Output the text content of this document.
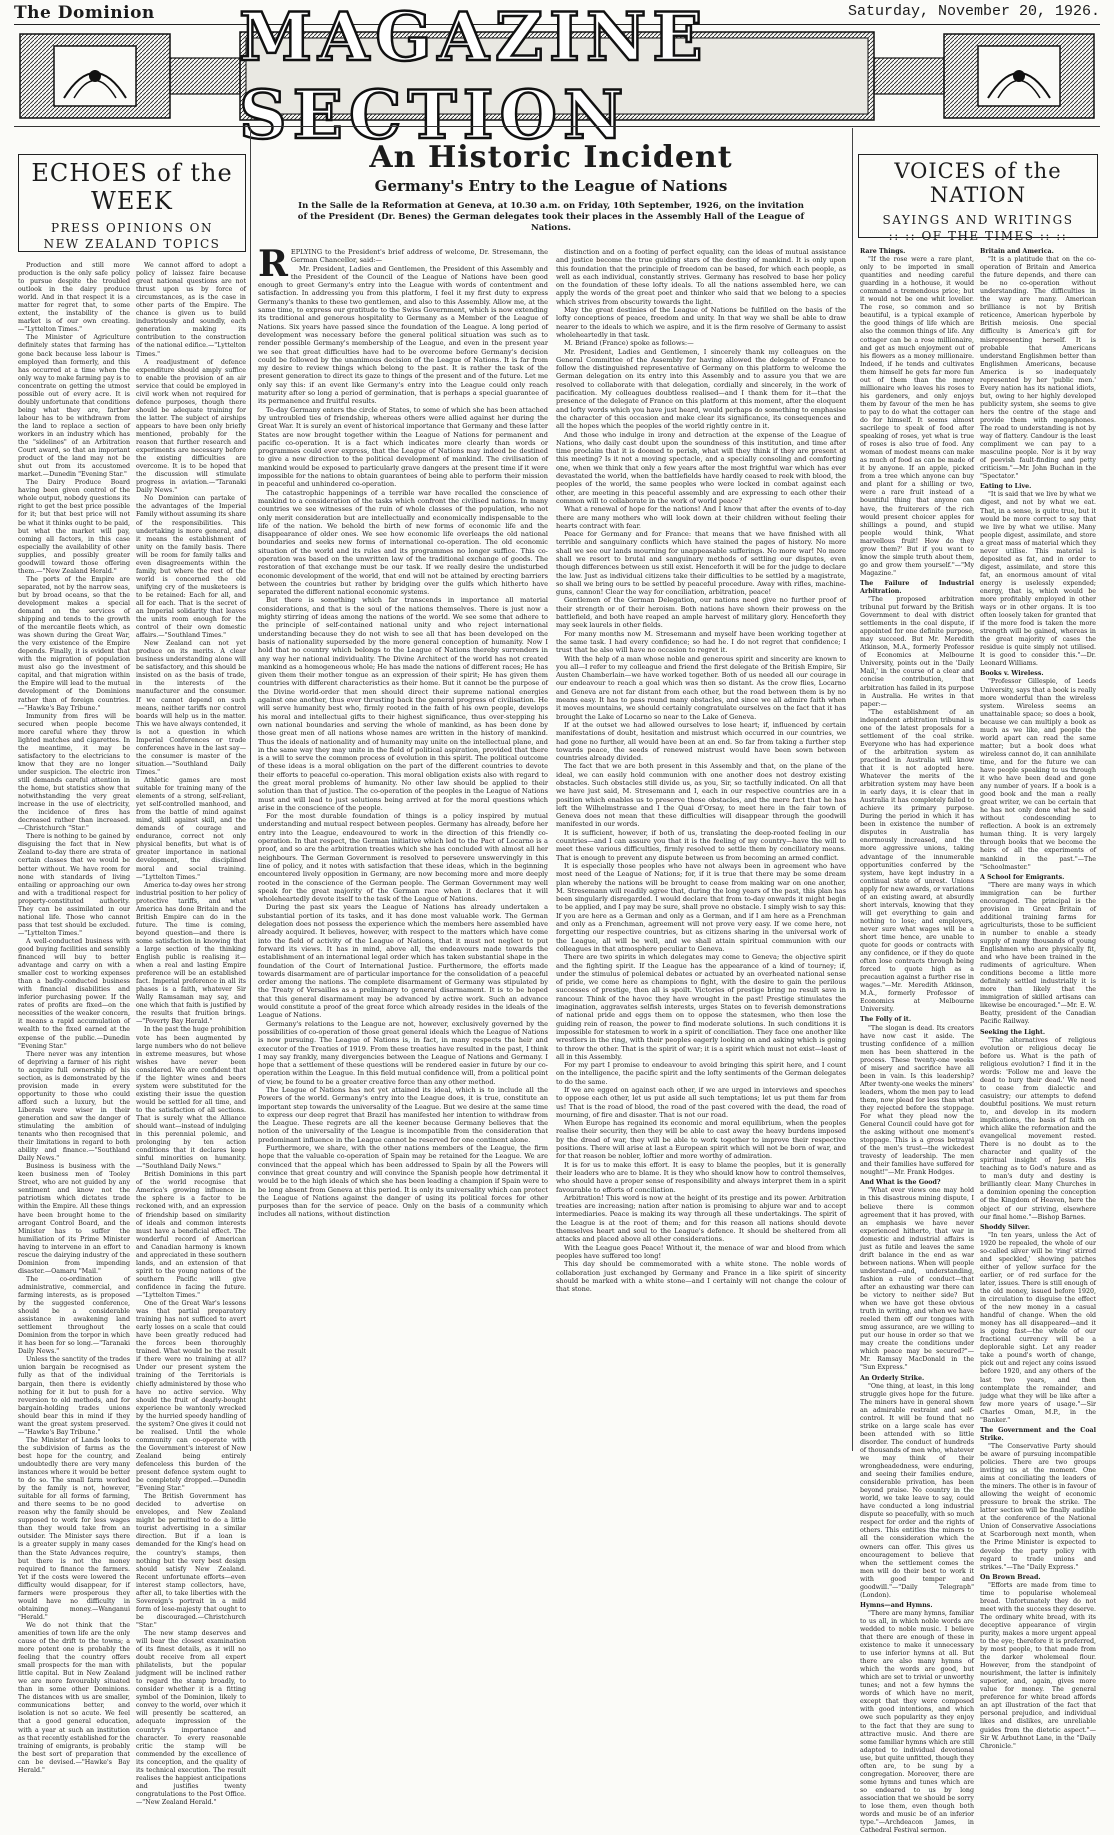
The Dominion	Saturday, November 20, 1926.
MAGAZINE SECTION
ECHOES of the WEEK
PRESS OPINIONS ON
NEW ZEALAND TOPICS
VOICES of the NATION
SAYINGS AND WRITINGS
:: :: OF THE TIMES :: ::
An Historic Incident
Germany's Entry to the League of Nations
In the Salle de la Reformation at Geneva, at 10.30 a.m. on Friday, 10th September, 1926, on the invitation of the President (Dr. Benes) the German delegates took their places in the Assembly Hall of the League of Nations.

Production and still more production is the only safe policy to pursue despite the troubled outlook in the dairy produce world. And in that respect it is a matter for regret that, to some extent, the instability of the market is of our own creating.—"Lyttelton Times."

The Minister of Agriculture definitely states that farming has gone back because less labour is employed than formerly, and this has occurred at a time when the only way to make farming pay is to concentrate on getting the utmost possible out of every acre. It is doubly unfortunate that conditions being what they are, farther labour has to be withdrawn from the land to replace a section of workers in an industry which has the "sidelines" of an Arbitration Court award, so that an important product of the land may not be shut out from its accustomed market.—Dunedin "Evening Star."

The Dairy Produce Board having been given control of the whole output, nobody questions its right to get the best price possible for it; but that best price will not be what it thinks ought to be paid, but what the market will pay, coming all factors, in this case especially the availability of other supplies, and possibly greater goodwill toward those offering them.—"New Zealand Herald."

The ports of the Empire are separated, not by the narrow seas, but by broad oceans, so that the development makes a special demand on the services of shipping and tends to the growth of the mercantile fleets which, as was shown during the Great War, the very existence of the Empire depends. Finally, it is evident that with the migration of population must also go the investment of capital, and that migration within the Empire will lead to the mutual development of the Dominions rather than of foreign countries.—"Hawke's Bay Tribune."

Immunity from fires will be secured when people become more careful where they throw lighted matches and cigarettes. In the meantime, it may be satisfactory to the electricians to know that they are no longer under suspicion. The electric iron still demands careful attention in the home, but statistics show that notwithstanding the very great increase in the use of electricity, the incidence of fires has decreased rather than increased.—Christchurch "Star."

There is nothing to be gained by disguising the fact that in New Zealand to-day there are strata of certain classes that we would be better without. We have room for none with standards of living entailing or approaching our own and with a traditional respect for property-constituted authority. They can be assimilated in our national life. Those who cannot pass that test should be excluded.—"Lyttelton Times."

A well-conducted business with good buying facilities and sensibly financed will buy to better advantage and carry on with a smaller cost to working expenses than a badly-conducted business with financial disabilities and inferior purchasing power. If the rates of profits are fixed—on the necessities of the weaker concern, it means a rapid accumulation of wealth to the fixed earned at the expense of the public.—Dunedin "Evening Star."

There never was any intention of depriving a farmer of his right to acquire full ownership of his section, as is demonstrated by the provision made in every opportunity to those who could afford such a luxury, but the Liberals were wiser in their generation and saw the danger of stimulating the ambition of tenants who then recognised that their limitations in regard to both ability and finance.—"Southland Daily News."

Business is business with the keen business men of Tooley Street, who are not guided by any sentiment and know not the patriotism which dictates trade within the Empire. All these things have been brought home to the arrogant Control Board, and the Minister has to suffer the humiliation of its Prime Minister having to intervene in an effort to rescue the dairying industry of the Dominion from impending disaster.—Oamaru "Mail."

The co-ordination of administrative, commercial, and farming interests, as is proposed by the suggested conference, should be a considerable assistance in awakening land settlement throughout the Dominion from the torpor in which it has been for so long.—"Taranaki Daily News."

Unless the sanctity of the trades union bargain be recognised as fully as that of the individual bargain, then there is evidently nothing for it but to push for a reversion to old methods, and for bargain-holding trades unions should bear this in mind if they want the great system preserved.—"Hawke's Bay Tribune."

The Minister of Lands looks to the subdivision of farms as the best hope for the country, and undoubtedly there are very many instances where it would be better to do so. The small farm worked by the family is not, however, suitable for all forms of farming, and there seems to be no good reason why the family should be supposed to work for less wages than they would take from an outsider. The Minister says there is a greater supply in many cases than the State Advances require, but there is not the money required to finance the farmers. Yet if the costs were lowered the difficulty would disappear, for if farmers were prosperous they would have no difficulty in obtaining money.—Wanganui "Herald."

We do not think that the amenities of town life are the only cause of the drift to the towns; a more potent one is probably the feeling that the country offers small prospects for the man with little capital. But in New Zealand we are more favourably situated than in some other Dominions. The distances with us are smaller, communications better, and isolation is not so acute. We feel that a good general education, with a year at such an institution as that recently established for the training of emigrants, is probably the best sort of preparation that can be devised.—"Hawke's Bay Herald."

We cannot afford to adopt a policy of laissez faire because great national questions are not thrust upon us by force of circumstances, as is the case in other parts of the Empire. The chance is given us to build industriously and soundly, each generation making its contribution to the construction of the national edifice.—"Lyttelton Times."

A readjustment of defence expenditure should amply suffice to enable the provision of an air service that could be employed in civil work when not required for defence purposes, though there should be adequate training for the latter. The subject of airships appears to have been only briefly mentioned, probably for the reason that further research and experiments are necessary before the existing difficulties are overcome. It is to be hoped that the discussion will stimulate progress in aviation.—"Taranaki Daily News."

No Dominion can partake of the advantages of the Imperial Family without assuming its share of the responsibilities. This undertaking is more general, and it means the establishment of unity on the family basis. There will be room for family talks and even disagreements within the family, but where the rest of the world is concerned the old unifying cry of the musketeers is to be retained: Each for all, and all for each. That is the secret of an Imperial solidarity that leaves the units room enough for the control of their own domestic affairs.—"Southland Times."

New Zealand can not yet produce on its merits. A clear business understanding alone will be satisfactory, and this should be insisted on as the basis of trade, in the interests of the manufacturer and the consumer. If we cannot depend on such means, neither tariffs nor control boards will help us in the matter. This we have always contended, it is not a question in which Imperial Conferences or trade conferences have in the last say—the consumer is master of the situation.—"Southland Daily Times."

Athletic games are most suitable for training many of the elements of a strong, self-reliant, yet self-controlled manhood, and from the battle of mind against mind, skill against skill, and the demands of courage and endurance, correct not only physical benefits, but what is of greater importance in national development, the disciplined moral and social training.—"Lyttelton Times."

America to-day owes her strong industrial position to her policy of protective tariffs, and what America has done Britain and the British Empire can do in the future. The time is coming, beyond question—and there is some satisfaction in knowing that a large section of the thinking English public is realising it—when a real and lasting Empire preference will be an established fact. Imperial preference in all its phases is a faith, whatever Sir Wally Ramsaman may say, and one which that faith is justified by the results that fruition brings.—"Poverty Bay Herald."

In the past the huge prohibition vote has been augmented by large numbers who do not believe in extreme measures, but whose wishes have never been considered. We are confident that if the lighter wines and beers system were substituted for the existing their issue the question would be settled for all time, and to the satisfaction of all sections. That is surely what the Alliance should want—instead of indulging in this perennial polemic, and prolonging by ten action conditions that it declares keep sinful minorities on humanity.—"Southland Daily News."

British Dominions in this part of the world recognise that America's growing influence in the sphere is a factor to be reckoned with, and an expression of friendship based on similarity of ideals and common interests must have a beneficial effect. The wonderful record of American and Canadian harmony is known and appreciated in these southern lands, and an extension of that spirit to the young nations of the southern Pacific will give confidence in facing the future.—"Lyttelton Times."

One of the Great War's lessons was that partial preparatory training has not sufficed to avert early losses on a scale that could have been greatly reduced had the forces been thoroughly trained. What would be the result if there were no training at all? Under our present system the training of the Territorials is chiefly administered by those who have no active service. Why should the fruit of dearly-bought experience be wantonly wrecked by the hurried speedy handling of the system? One gives it could not be realised. Until the whole community can co-operate with the Government's interest of New Zealand being entirely defenceless this burden of the present defence system ought to be completely dropped.—Dunedin "Evening Star."

The British Government has decided to advertise on envelopes, and New Zealand might be permitted to do a little tourist advertising in a similar direction. But if a loan is demanded for the King's head on the country's stamps, then nothing but the very best design should satisfy New Zealand. Recent unfortunate efforts—even interest stamp collectors, have, after all, to take liberties with the Sovereign's portrait in a mild form of lese-majesty that ought to be discouraged.—Christchurch "Star."

The new stamp deserves and will bear the closest examination of its finest details, as it will no doubt receive from all expert philatelists, but the popular judgment will be inclined rather to regard the stamp broadly, to consider whether it is a fitting symbol of the Dominion, likely to convey to the world, over which it will presently be scattered, an adequate impression of the country's importance and character. To every reasonable critic the stamp will be commended by the excellence of its conception, and the quality of its technical execution. The result realises the happiest anticipations and justifies twenty congratulations to the Post Office.—"New Zealand Herald."

R EPLYING to the President's brief address of welcome, Dr. Stresemann, the German Chancellor, said:—

Mr. President, Ladies and Gentlemen, the President of this Assembly and the President of the Council of the League of Nations have been good enough to greet Germany's entry into the League with words of contentment and satisfaction. In addressing you from this platform, I feel it my first duty to express Germany's thanks to these two gentlemen, and also to this Assembly. Allow me, at the same time, to express our gratitude to the Swiss Government, which is now extending its traditional and generous hospitality to Germany as a Member of the League of Nations. Six years have passed since the foundation of the League. A long period of development was necessary before the general political situation was such as to render possible Germany's membership of the League, and even in the present year we see that great difficulties have had to be overcome before Germany's decision could be followed by the unanimous decision of the League of Nations. It is far from my desire to review things which belong to the past. It is rather the task of the present generation to direct its gaze to things of the present and of the future. Let me only say this: if an event like Germany's entry into the League could only reach maturity after so long a period of germination, that is perhaps a special guarantee of its permanence and fruitful results.

To-day Germany enters the circle of States, to some of which she has been attached by untroubled ties of friendship, whereas others were allied against her during the Great War. It is surely an event of historical importance that Germany and these latter States are now brought together within the League of Nations for permanent and pacific co-operation. It is a fact which indicates more clearly than words or programmes could ever express, that the League of Nations may indeed be destined to give a new direction to the political development of mankind. The civilisation of mankind would be exposed to particularly grave dangers at the present time if it were impossible for the nations to obtain guarantees of being able to perform their mission in peaceful and unhindered co-operation.

The catastrophic happenings of a terrible war have recalled the conscience of mankind to a consideration of the tasks which confront the civilised nations. In many countries we see witnesses of the ruin of whole classes of the population, who not only merit consideration but are intellectually and economically indispensable to the life of the nation. We behold the birth of new forms of economic life and the disappearance of older ones. We see how economic life overleaps the old national boundaries and seeks new forms of international co-operation. The old economic situation of the world and its rules and its programmes no longer suffice. This co-operation was based on the unwritten law of the traditional exchange of goods. The restoration of that exchange must be our task. If we really desire the undisturbed economic development of the world, that end will not be attained by erecting barriers between the countries but rather by bridging over the gulfs which hitherto have separated the different national economic systems.

But there is something which far transcends in importance all material considerations, and that is the soul of the nations themselves. There is just now a mighty stirring of ideas among the nations of the world. We see some that adhere to the principle of self-contained national unity and who reject international understanding because they do not wish to see all that has been developed on the basis of nationality superseded by the more general conception of humanity. Now I hold that no country which belongs to the League of Nations thereby surrenders in any way her national individuality. The Divine Architect of the world has not created mankind as a homogeneous whole; He has made the nations of different races; He has given them their mother tongue as an expression of their spirit; He has given them countries with different characteristics as their home. But it cannot be the purpose of the Divine world-order that men should direct their supreme national energies against one another, thus ever thrusting back the general progress of civilisation. He will serve humanity best who, firmly rooted in the faith of his own people, develops his moral and intellectual gifts to their highest significance, thus over-stepping his own national boundaries and serving the whole of mankind, as has been done by those great men of all nations whose names are written in the history of mankind. Thus the ideals of nationality and of humanity may unite on the intellectual plane, and in the same way they may unite in the field of political aspiration, provided that there is a will to serve the common process of evolution in this spirit. The political outcome of these ideas is a moral obligation on the part of the different countries to devote their efforts to peaceful co-operation. This moral obligation exists also with regard to the great moral problems of humanity. No other law should be applied to their solution than that of justice. The co-operation of the peoples in the League of Nations must and will lead to just solutions being arrived at for the moral questions which arise in the conscience of the people.

For the most durable foundation of things is a policy inspired by mutual understanding and mutual respect between peoples. Germany has already, before her entry into the League, endeavoured to work in the direction of this friendly co-operation. In that respect, the German initiative which led to the Pact of Locarno is a proof, and so are the arbitration treaties which she has concluded with almost all her neighbours. The German Government is resolved to persevere unswervingly in this line of policy, and it notes with satisfaction that these ideas, which in the beginning encountered lively opposition in Germany, are now becoming more and more deeply rooted in the conscience of the German people. The German Government may well speak for the great majority of the German race when it declares that it will wholeheartedly devote itself to the task of the League of Nations.

During the past six years the League of Nations has already undertaken a substantial portion of its tasks, and it has done most valuable work. The German delegation does not possess the experience which the members here assembled have already acquired. It believes, however, with respect to the matters which have come into the field of activity of the League of Nations, that it must not neglect to put forward its views. It has in mind, above all, the endeavours made towards the establishment of an international legal order which has taken substantial shape in the foundation of the Court of International Justice. Furthermore, the efforts made towards disarmament are of particular importance for the consolidation of a peaceful order among the nations. The complete disarmament of Germany was stipulated by the Treaty of Versailles as a preliminary to general disarmament. It is to be hoped that this general disarmament may be advanced by active work. Such an advance would constitute a proof of the great force which already resides in the ideals of the League of Nations.

Germany's relations to the League are not, however, exclusively governed by the possibilities of co-operation of those great general ideals which the League of Nations is now pursuing. The League of Nations is, in fact, in many respects the heir and executor of the Treaties of 1919. From these treaties have resulted in the past, I think I may say frankly, many divergencies between the League of Nations and Germany. I hope that a settlement of these questions will be rendered easier in future by our co-operation within the League. In this field mutual confidence will, from a political point of view, be found to be a greater creative force than any other method.

The League of Nations has not yet attained its ideal, which is to include all the Powers of the world. Germany's entry into the League does, it is true, constitute an important step towards the universality of the League. But we desire at the same time to express our deep regret that Brazil has manifested her intention to withdraw from the League. These regrets are all the keener because Germany believes that the notion of the universality of the League is incompatible from the consideration that predominant influence in the League cannot be reserved for one continent alone.

Furthermore, we share, with the other nations members of the League, the firm hope that the valuable co-operation of Spain may be retained for the League. We are convinced that the appeal which has been addressed to Spain by all the Powers will convince that great country and will convince the Spanish people how detrimental it would be to the high ideals of which she has been leading a champion if Spain were to be long absent from Geneva at this period. It is only its universality which can protect the League of Nations against the danger of using its political forces for other purposes than for the service of peace. Only on the basis of a community which includes all nations, without distinction

distinction and on a footing of perfect equality, can the ideas of mutual assistance and justice become the true guiding stars of the destiny of mankind. It is only upon this foundation that the principle of freedom can be based, for which each people, as well as each individual, constantly strives. Germany has resolved to base her policy on the foundation of these lofty ideals. To all the nations assembled here, we can apply the words of the great poet and thinker who said that we belong to a species which strives from obscurity towards the light.

May the great destinies of the League of Nations be fulfilled on the basis of the lofty conceptions of peace, freedom and unity. In that way we shall be able to draw nearer to the ideals to which we aspire, and it is the firm resolve of Germany to assist wholeheartedly in that task.

M. Briand (France) spoke as follows:—

Mr. President, Ladies and Gentlemen, I sincerely thank my colleagues on the General Committee of the Assembly for having allowed the delegate of France to follow the distinguished representative of Germany on this platform to welcome the German delegation on its entry into this Assembly and to assure you that we are resolved to collaborate with that delegation, cordially and sincerely, in the work of pacification. My colleagues doubtless realised—and I thank them for it—that the presence of the delegate of France on this platform at this moment, after the eloquent and lofty words which you have just heard, would perhaps do something to emphasise the character of this occasion and make clear its significance, its consequences and all the hopes which the peoples of the world rightly centre in it.

And those who indulge in irony and detraction at the expense of the League of Nations, who daily cast doubt upon the soundness of this institution, and time after time proclaim that it is doomed to perish, what will they think if they are present at this meeting? Is it not a moving spectacle, and a specially consoling and comforting one, when we think that only a few years after the most frightful war which has ever devastated the world, when the battlefields have hardly ceased to reek with blood, the peoples of the world, the same peoples who were locked in combat against each other, are meeting in this peaceful assembly and are expressing to each other their common will to collaborate in the work of world peace?

What a renewal of hope for the nations! And I know that after the events of to-day there are many mothers who will look down at their children without feeling their hearts contract with fear.

Peace for Germany and for France: that means that we have finished with all terrible and sanguinary conflicts which have stained the pages of history. No more shall we see our lands mourning for unappeasable sufferings. No more war! No more shall we resort to brutal and sanguinary methods of settling our disputes, even though differences between us still exist. Henceforth it will be for the judge to declare the law. Just as individual citizens take their difficulties to be settled by a magistrate, so shall we bring ours to be settled by peaceful procedure. Away with rifles, machine-guns, cannon! Clear the way for conciliation, arbitration, peace!

Gentlemen of the German Delegation, our nations need give no further proof of their strength or of their heroism. Both nations have shown their prowess on the battlefield, and both have reaped an ample harvest of military glory. Henceforth they may seek laurels in other fields.

For many months now M. Stresemann and myself have been working together at the same task. I had every confidence; so had he. I do not regret that confidence; I trust that he also will have no occasion to regret it.

With the help of a man whose noble and generous spirit and sincerity are known to you all—I refer to my colleague and friend the first delegate of the British Empire, Sir Austen Chamberlain—we have worked together. Both of us needed all our courage in our endeavour to reach a goal which was then so distant. As the crow flies, Locarno and Geneva are not far distant from each other, but the road between them is by no means easy. It has to pass round many obstacles, and since we all admire faith when it moves mountains, we should certainly congratulate ourselves on the fact that it has brought the Lake of Locarno so near to the Lake of Geneva.

If at the outset we had allowed ourselves to lose heart; if, influenced by certain manifestations of doubt, hesitation and mistrust which occurred in our countries, we had gone no further, all would have been at an end. So far from taking a further step towards peace, the seeds of renewed mistrust would have been sown between countries already divided.

The fact that we are both present in this Assembly and that, on the plane of the ideal, we can easily hold communion with one another does not destroy existing obstacles. Such obstacles still divide us, as you, Sir, so tactfully indicated. On all that we have just said, M. Stresemann and I, each in our respective countries are in a position which enables us to preserve those obstacles, and the mere fact that he has left the Wilhelmstrasse and I the Quai d'Orsay, to meet here in the fair town of Geneva does not mean that these difficulties will disappear through the goodwill manifested in our words.

It is sufficient, however, if both of us, translating the deep-rooted feeling in our countries—and I can assure you that it is the feeling of my country—have the will to meet these various difficulties, firmly resolved to settle them by conciliatory means. That is enough to prevent any dispute between us from becoming an armed conflict.

It is especially those peoples who have not always been in agreement who have most need of the League of Nations; for, if it is true that there may be some dream plan whereby the nations will be brought to cease from making war on one another, M. Stresemann will readily agree that, during the long years of the past, this plan has been singularly disregarded. I would declare that from to-day onwards it might begin to be applied, and I pay may be sure, shall prove no obstacle. I simply wish to say this: If you are here as a German and only as a German, and if I am here as a Frenchman and only as a Frenchman, agreement will not prove very easy. If we come here, not forgetting our respective countries, but as citizens sharing in the universal work of the League, all will be well, and we shall attain spiritual communion with our colleagues in that atmosphere peculiar to Geneva.

There are two spirits in which delegates may come to Geneva; the objective spirit and the fighting spirit. If the League has the appearance of a kind of tourney; if, under the stimulus of polemical debates or actuated by an overheated national sense of pride, we come here as champions to fight, with the desire to gain the perilous successes of prestige, then all is spoilt. Victories of prestige bring no result save in rancour. Think of the havoc they have wrought in the past! Prestige stimulates the imagination, aggravates selfish interests, urges States on to feverish demonstrations of national pride and eggs them on to oppose the statesmen, who then lose the guiding rein of reason, the power to find moderate solutions. In such conditions it is impossible for statesmen to work in a spirit of conciliation. They face one another like wrestlers in the ring, with their peoples eagerly looking on and asking which is going to throw the other. That is the spirit of war; it is a spirit which must not exist—least of all in this Assembly.

For my part I promise to endeavour to avoid bringing this spirit here, and I count on the intelligence, the pacific spirit and the lofty sentiments of the German delegates to do the same.

If we are egged on against each other, if we are urged in interviews and speeches to oppose each other, let us put aside all such temptations; let us put them far from us! That is the road of blood, the road of the past covered with the dead, the road of mourning, of fire and disaster. That is not our road.

When Europe has regained its economic and moral equilibrium, when the peoples realise their security, then they will be able to cast away the heavy burdens imposed by the dread of war, they will be able to work together to improve their respective positions. There will arise at last a European spirit which will not be born of war, and for that reason be nobler, loftier and more worthy of admiration.

It is for us to make this effort. It is easy to blame the peoples, but it is generally their leaders who are to blame. It is they who should know how to control themselves, who should have a proper sense of responsibility and always interpret them in a spirit favourable to efforts of conciliation.

Arbitration! This word is now at the height of its prestige and its power. Arbitration treaties are increasing; nation after nation is promising to abjure war and to accept intermediaries. Peace is making its way through all these undertakings. The spirit of the League is at the root of them; and for this reason all nations should devote themselves heart and soul to the League's defence. It should be sheltered from all attacks and placed above all other considerations.

With the League goes Peace! Without it, the menace of war and blood from which peoples have suffered too long!

This day should be commemorated with a white stone. The noble words of collaboration just exchanged by Germany and France in a like spirit of sincerity should be marked with a white stone—and I certainly will not change the colour of that stone.

Rare Things.

"If the rose were a rare plant, only to be imported in small quantities and needing careful guarding in a hothouse, it would command a tremendous price; but it would not be one whit lovelier. The rose, so common and so beautiful, is a typical example of the good things of life which are also the common things of life. Any cottager can be a rose millionaire, and get as much enjoyment out of his flowers as a money millionaire. Indeed, if he tends and cultivates them himself he gets far more fun out of them than the money millionaire who leaves his roses to his gardeners, and only enjoys them by favour of the men he has to pay to do what the cottager can do for himself. It seems almost sacrilege to speak of food after speaking of roses, yet what is true of roses is also true of food. Any woman of modest means can make as much of food as can be made of it by anyone. If an apple, picked from a tree which anyone can buy and plant for a shilling or two, were a rare fruit instead of a bountiful thing that anyone can have, the fruiterers of the rich would present choicer apples for shillings a pound, and stupid people would think, 'What marvellous fruit! How do they grow them?' But if you want to know the simple truth about them, go and grow them yourself."—"My Magazine."

The Failure of Industrial Arbitration.

"The proposed arbitration tribunal put forward by the British Government to deal with district settlements in the coal dispute, if appointed for one definite purpose, may succeed. But Mr. Meredith Atkinson, M.A., formerly Professor of Economics at Melbourne University, points out in the 'Daily Mail,' in the course of a clear and concise contribution, that arbitration has failed in its purpose in Australia. He writes in that paper:—

"The establishment of an independent arbitration tribunal is one of the latest proposals for a settlement of the coal strike. Everyone who has had experience of the arbitration system as practised in Australia will know that it is not adopted here. Whatever the merits of the arbitration system may have been in early days, it is clear that in Australia it has completely failed to achieve its primary purpose. During the period in which it has been in existence the number of disputes in Australia has enormously increased, and the more aggressive unions, taking advantage of the innumerable opportunities conferred by the system, have kept industry in a continual state of unrest. Unions apply for new awards, or variations of an existing award, at absurdly short intervals, knowing that they will get everything to gain and nothing to lose; and employers, never sure what wages will be a short time hence, are unable to quote for goods or contracts with any confidence, or if they do quote often lose contracts through being forced to quote high as a precaution against a further rise in wages."—Mr. Meredith Atkinson, M.A., formerly Professor of Economics at Melbourne University.

The Folly of it.

"The slogan is dead. Its creators have now cast it aside. The trusting confidence of a million men has been shattered in the process. These twenty-one weeks of misery and sacrifice have all been in vain. Is this leadership? After twenty-one weeks the miners' leaders, whom the men pay to lead them, now plead for less than what they rejected before the stoppage. For what they plead now the General Council could have got for the asking without one moment's stoppage. This is a gross betrayal of the men's trust—the wickedest travesty of leadership. The men and their families have suffered for nought!"—Mr. Frank Hodges.

And What is the Good?

"What ever views one may hold in this disastrous mining dispute, I believe there is common agreement that it has proved, with an emphasis we have never experienced hitherto, that war in domestic and industrial affairs is just as futile and leaves the same drift balance in the end as war between nations. When will people understand—and, understanding, fashion a rule of conduct—that after an exhausting war there can be victory to neither side? But when we have got these obvious truth in writing, and when we have reeled them off our tongues with smug assurance, are we willing to put our house in order so that we may create the conditions under which peace may be secured?"—Mr. Ramsay MacDonald in the "Sun Express."

An Orderly Strike.

"One thing, at least, in this long struggle gives hope for the future. The miners have in general shown an admirable restraint and self-control. It will be found that no strike on a large scale has ever been attended with so little disorder. The conduct of hundreds of thousands of men who, whatever we may think of their wrongheadedness, were enduring, and seeing their families endure, considerable privation, has been beyond praise. No country in the world, we take leave to say, could have conducted a long industrial dispute so peacefully, with so much respect for order and the rights of others. This entitles the miners to all the consideration which the owners can offer. This gives us encouragement to believe that when the settlement comes the men will do their best to work it with good temper and goodwill."—"Daily Telegraph" (London).

Hymns—and Hymns.

"There are many hymns, familiar to us all, in which noble words are wedded to noble music. I believe that there are enough of these in existence to make it unnecessary to use inferior hymns at all. But there are also many hymns of which the words are good, but which are set to trivial or unworthy tunes; and not a few hymns the words of which have no merit, except that they were composed with good intentions, and which owe such popularity as they enjoy to the fact that they are sung to attractive music. And there are some familiar hymns which are still adapted to individual devotional use, but quite unfitted, though they often are, to be sung by a congregation. Moreover, there are some hymns and tunes which are so endeared to us by long association that we should be sorry to lose them, even though both words and music be of an inferior type."—Archdeacon James, in Cathedral Festival sermon.

Britain and America.

"It is a platitude that on the co-operation of Britain and America the future depends, and there can be no co-operation without understanding. The difficulties in the way are many. American brilliance is not by British reticence, American hyperbole by British meiosis. One special difficulty is America's gift for misrepresenting herself. It is probable that Americans understand Englishmen better than Englishmen Americans, because America is so inadequately represented by her 'public men.' Every nation has its national idiots, but, owing to her highly developed publicity system, she seems to give hers the centre of the stage and provide them with megaphones. The road to understanding is not by way of flattery. Candour is the least compliment we can pay to a masculine people. Nor is it by way of peevish fault-finding and petty criticism."—Mr. John Buchan in the "Spectator."

Eating to Live.

"It is said that we live by what we digest, and not by what we eat. That, in a sense, is quite true, but it would be more correct to say that we live by what we utilise. Many people digest, assimilate, and store a great mass of material which they never utilise. This material is deposited as fat, and in order to digest, assimilate, and store this fat, an enormous amount of vital energy is uselessly expended; energy, that is, which would be more profitably employed in other ways or in other organs. It is too often loosely taken for granted that if the more food is taken the more strength will be gained, whereas in the great majority of cases the residue is quite simply not utilised. It is good to consider this."—Dr. Leonard Williams.

Books v. Wireless.

"Professor Gillespie, of Leeds University, says that a book is really more wonderful than the wireless system. Wireless seems an unattainable space; so does a book, because we can multiply a book as much as we like, and people the world apart can read the same matter; but a book does what wireless cannot do, it can annihilate time, and for the future we can have people speaking to us through it who have been dead and gone any number of years. If a book is a good book and the man a really great writer, we can be certain that he has not only done what he said without condescending to reflection. A book is an extremely human thing. It is very largely through books that we become the heirs of all the experiments of mankind in the past."—The "Schoolmaster."

A School for Emigrants.

"There are many ways in which immigration can be further encouraged. The principal is the provision in Great Britain of additional training farms for agriculturists, those to be sufficient in number to enable a steady supply of many thousands of young Englishmen who are physically fit, and who have been trained in the rudiments of agriculture. When conditions become a little more definitely settled industrially it is more than likely that the immigration of skilled artisans can likewise be encouraged."—Mr. E. W. Beatty, president of the Canadian Pacific Railway.

Seeking the Light.

"The alternatives of religious evolution or religious decay lie before us. What is the path of religious evolution? I find it in the words: 'Follow me and leave the dead to bury their dead.' We need to cease from dialectic and casuistry; our attempts to defend doubtful positions. We must return to, and develop in its modern implications, the basis of faith on which alike the reformation and the evangelical movement rested. There is no doubt as to the character and quality of the spiritual insight of Jesus. His teaching as to God's nature and as to man's duty and destiny is brilliantly clear. Many Churches in a dominion opening the conception of the Kingdom of Heaven, here the object of our striving, elsewhere our final home."—Bishop Barnes.

Shoddy Silver.

"In ten years, unless the Act of 1920 be repealed, the whole of our so-called silver will be 'ring' stirred and speckled,' showing patches either of yellow surface for the earlier, or of red surface for the later, issues. There is still enough of the old money, issued before 1920, in circulation to disguise the effect of the new money in a casual handful of change. When the old money has all disappeared—and it is going fast—the whole of our fractional currency will be a deplorable sight. Let any reader take a pound's worth of change, pick out and reject any coins issued before 1920, and any others of the last two years, and then contemplate the remainder, and judge what they will be like after a few more years of usage."—Sir Charles Oman, M.P., in the "Banker."

The Government and the Coal Strike.

"The Conservative Party should be aware of pursuing incompatible policies. There are two groups inviting us at the moment. One aims at conciliating the leaders of the miners. The other is in favour of allowing the weight of economic pressure to break the strike. The latter section will be finally audible at the conference of the National Union of Conservative Associations at Scarborough next month, when the Prime Minister is expected to develop the party policy with regard to trade unions and strikes."—The "Daily Express."

On Brown Bread.

"Efforts are made from time to time to popularise wholemeal bread. Unfortunately they do not meet with the success they deserve. The ordinary white bread, with its deceptive appearance of virgin purity, makes a more urgent appeal to the eye; therefore it is preferred, by most people, to that made from the darker wholemeal flour. However, from the standpoint of nourishment, the latter is infinitely superior, and, again, gives more value for money. The general preference for white bread affords an apt illustration of the fact that personal prejudice, and individual likes and dislikes, are unreliable guides from the dietetic aspect."—Sir W. Arbuthnot Lane, in the "Daily Chronicle."
